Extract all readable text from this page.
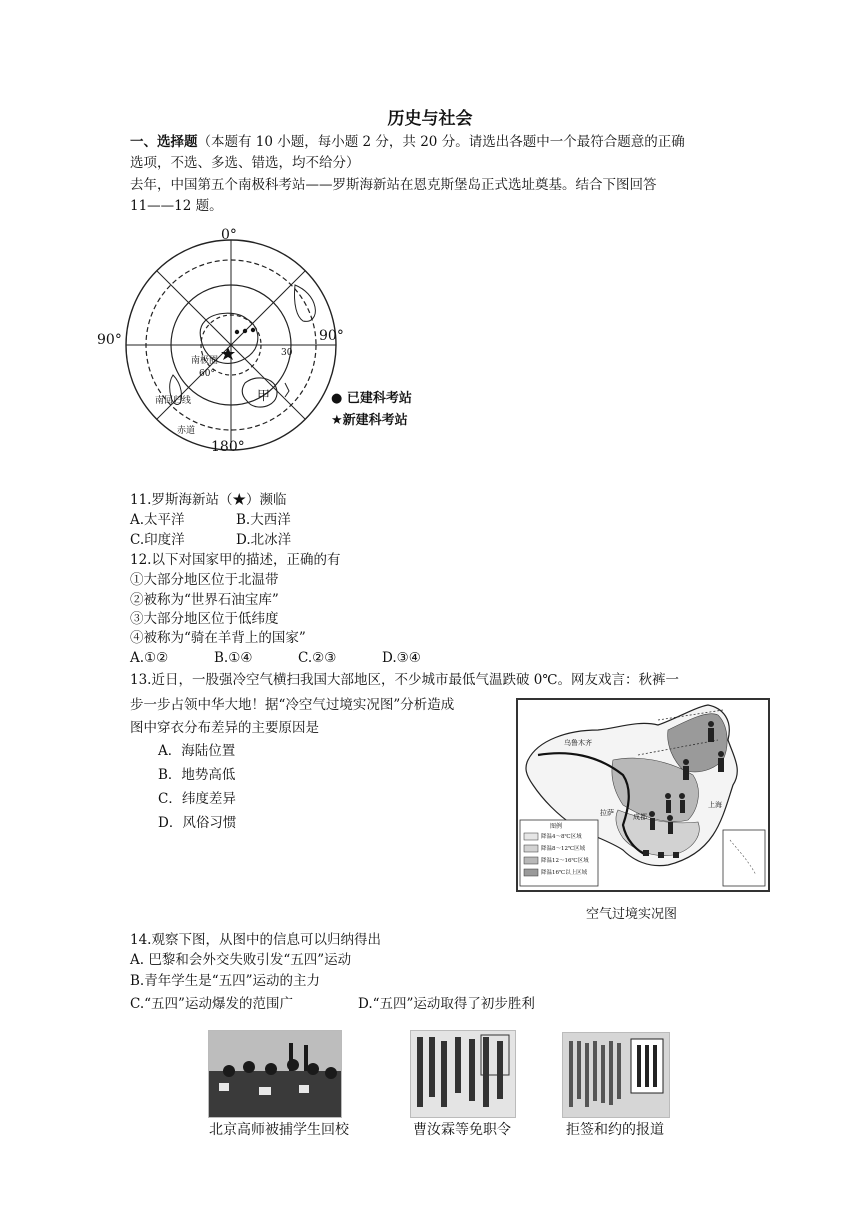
历史与社会
一、选择题（本题有 10 小题，每小题 2 分，共 20 分。请选出各题中一个最符合题意的正确
选项，不选、多选、错选，均不给分）
去年，中国第五个南极科考站——罗斯海新站在恩克斯堡岛正式选址奠基。结合下图回答
11——12 题。
0°
90°	90°
180°
南极圈
60°
30
南回归线
赤道
甲	● 已建科考站
★新建科考站
11.罗斯海新站（★）濒临
A.太平洋	B.大西洋
C.印度洋	D.北冰洋
12.以下对国家甲的描述，正确的有
①大部分地区位于北温带
②被称为“世界石油宝库”
③大部分地区位于低纬度
④被称为“骑在羊背上的国家”
A.①②	B.①④	C.②③	D.③④
13.近日，一股强冷空气横扫我国大部地区，不少城市最低气温跌破 0℃。网友戏言：秋裤一
步一步占领中华大地！据“冷空气过境实况图”分析造成
图中穿衣分布差异的主要原因是
A．海陆位置
B．地势高低
C．纬度差异
D．风俗习惯
乌鲁木齐
拉萨	成都
上海
图例
降温4～8℃区域
降温8～12℃区域
降温12～16℃区域
降温16℃以上区域
空气过境实况图
14.观察下图，从图中的信息可以归纳得出
A. 巴黎和会外交失败引发“五四”运动
B.青年学生是“五四”运动的主力
C.“五四”运动爆发的范围广	D.“五四”运动取得了初步胜利
北京高师被捕学生回校	曹汝霖等免职令	拒签和约的报道
